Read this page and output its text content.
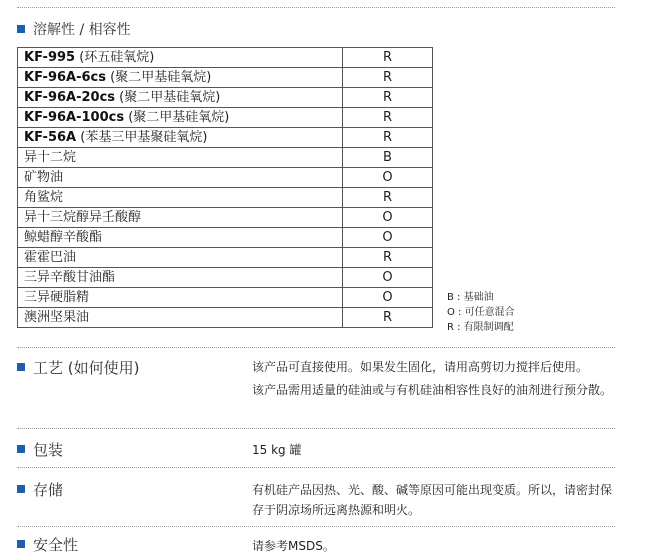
溶解性 / 相容性
KF-995 (环五硅氧烷)	R
KF-96A-6cs (聚二甲基硅氧烷)	R
KF-96A-20cs (聚二甲基硅氧烷)	R
KF-96A-100cs (聚二甲基硅氧烷)	R
KF-56A (苯基三甲基聚硅氧烷)	R
异十二烷	B
矿物油	O
角鲨烷	R
异十三烷醇异壬酸醇	O
鲸蜡醇辛酸酯	O
霍霍巴油	R
三异辛酸甘油酯	O
三异硬脂精	O
澳洲坚果油	R
B : 基础油
O : 可任意混合
R : 有限制调配
工艺 (如何使用)	该产品可直接使用。如果发生固化，请用高剪切力搅拌后使用。
该产品需用适量的硅油或与有机硅油相容性良好的油剂进行预分散。
包装	15 kg 罐
存储	有机硅产品因热、光、酸、碱等原因可能出现变质。所以，请密封保存于阴凉场所远离热源和明火。
安全性	请参考MSDS。
